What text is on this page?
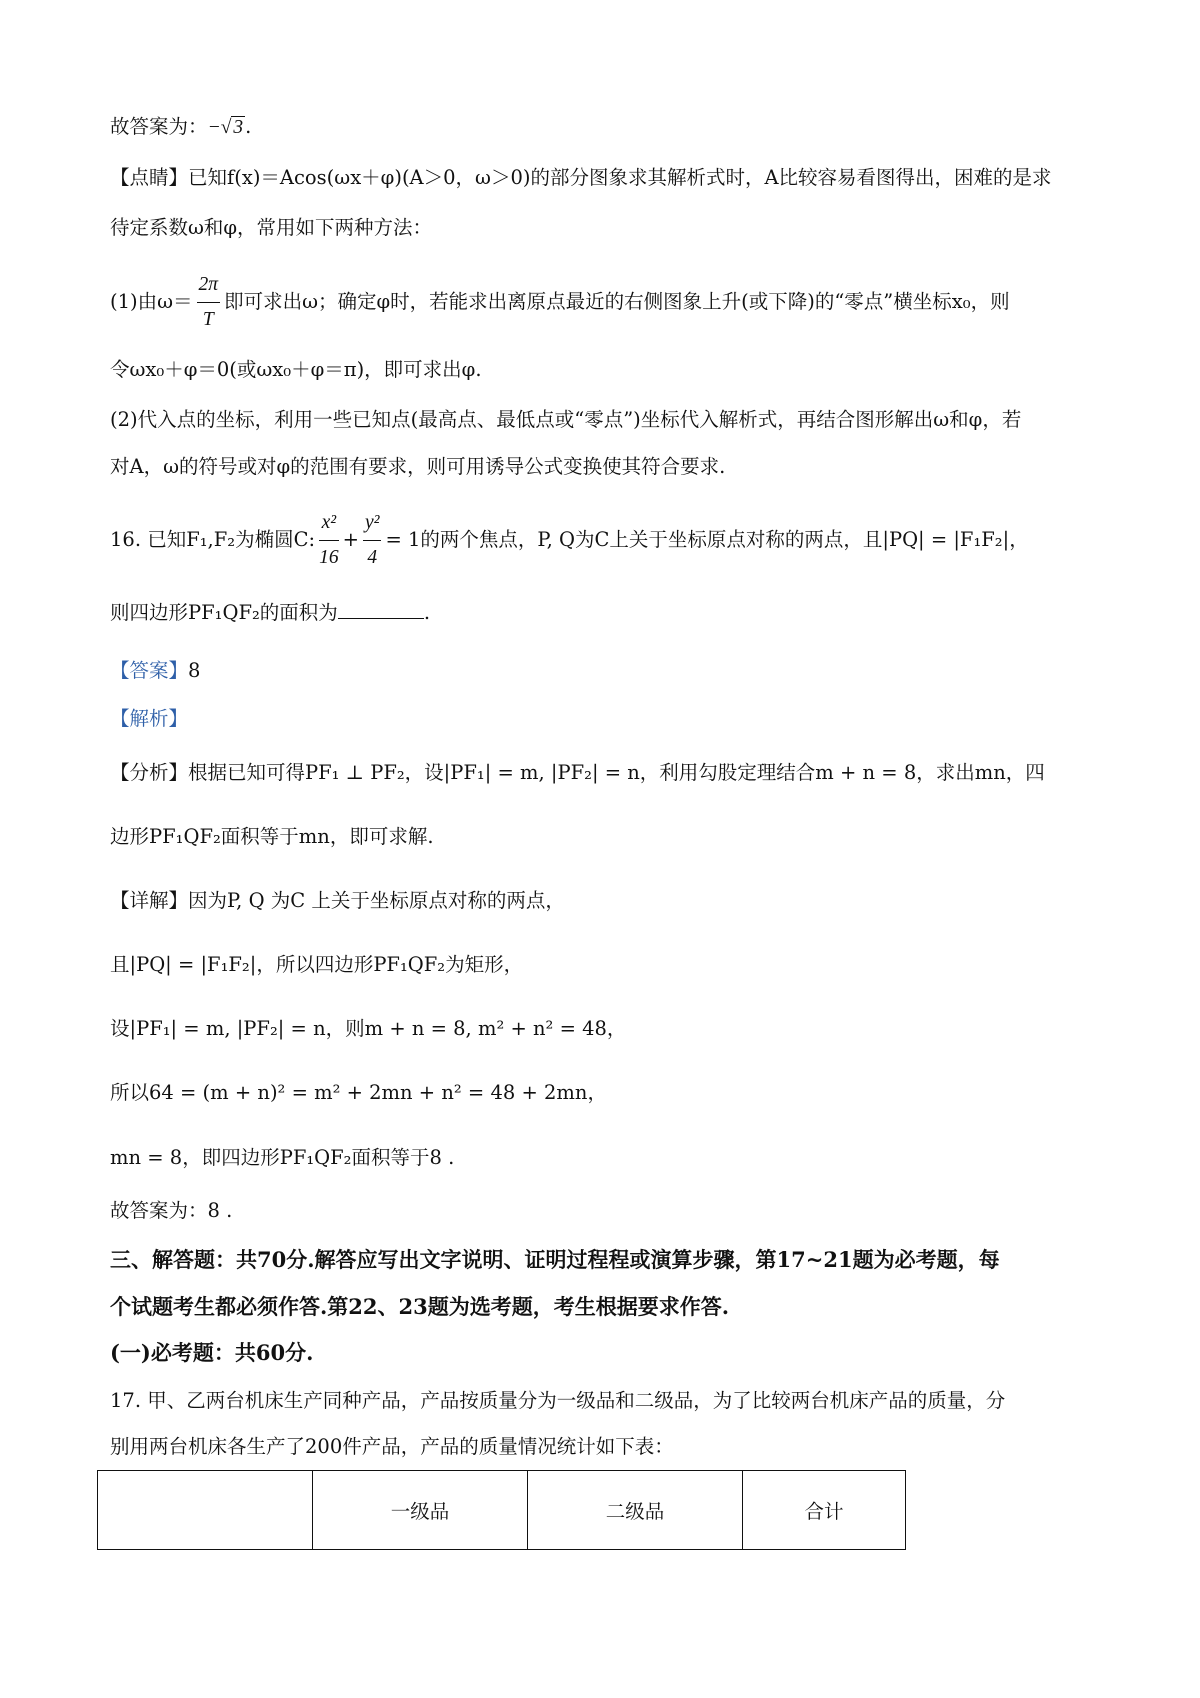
故答案为：−√ 3 .
【点睛】已知f(x)＝Acos(ωx＋φ)(A＞0，ω＞0)的部分图象求其解析式时，A比较容易看图得出，困难的是求
待定系数ω和φ，常用如下两种方法：
(1)由$\omega= \frac{2\pi}{T}$ 即可求出ω；确定φ时，若能求出离原点最近的右侧图象上升(或下降)的“零点”横坐标x₀，则
令ωx₀＋φ＝0(或ωx₀＋φ＝π)，即可求出φ.
(2)代入点的坐标，利用一些已知点(最高点、最低点或“零点”)坐标代入解析式，再结合图形解出ω和φ，若
对A，ω的符号或对φ的范围有要求，则可用诱导公式变换使其符合要求.
16. 已知F₁,F₂为椭圆C: $\frac{\text{x²}}{16} + \frac{\text{y²}}{4} = 1$的两个焦点，P, Q为C上关于坐标原点对称的两点，且|PQ| = |F₁F₂|，
则四边形PF₁QF₂的面积为	.
【答案】8
【解析】
【分析】根据已知可得PF₁ ⊥ PF₂，设|PF₁| = m, |PF₂| = n，利用勾股定理结合m + n = 8，求出mn，四
边形PF₁QF₂面积等于mn，即可求解.
【详解】因为P, Q 为C 上关于坐标原点对称的两点，
且|PQ| = |F₁F₂|，所以四边形PF₁QF₂为矩形，
设|PF₁| = m, |PF₂| = n，则m + n = 8, m² + n² = 48，
所以64 = (m + n)² = m² + 2mn + n² = 48 + 2mn，
mn = 8，即四边形PF₁QF₂面积等于8 .
故答案为：8 .
三、解答题：共70分.解答应写出文字说明、证明过程程或演算步骤，第17~21题为必考题，每
个试题考生都必须作答.第22、23题为选考题，考生根据要求作答.
(一)必考题：共60分.
17. 甲、乙两台机床生产同种产品，产品按质量分为一级品和二级品，为了比较两台机床产品的质量，分
别用两台机床各生产了200件产品，产品的质量情况统计如下表：
	一级品	二级品	合计
